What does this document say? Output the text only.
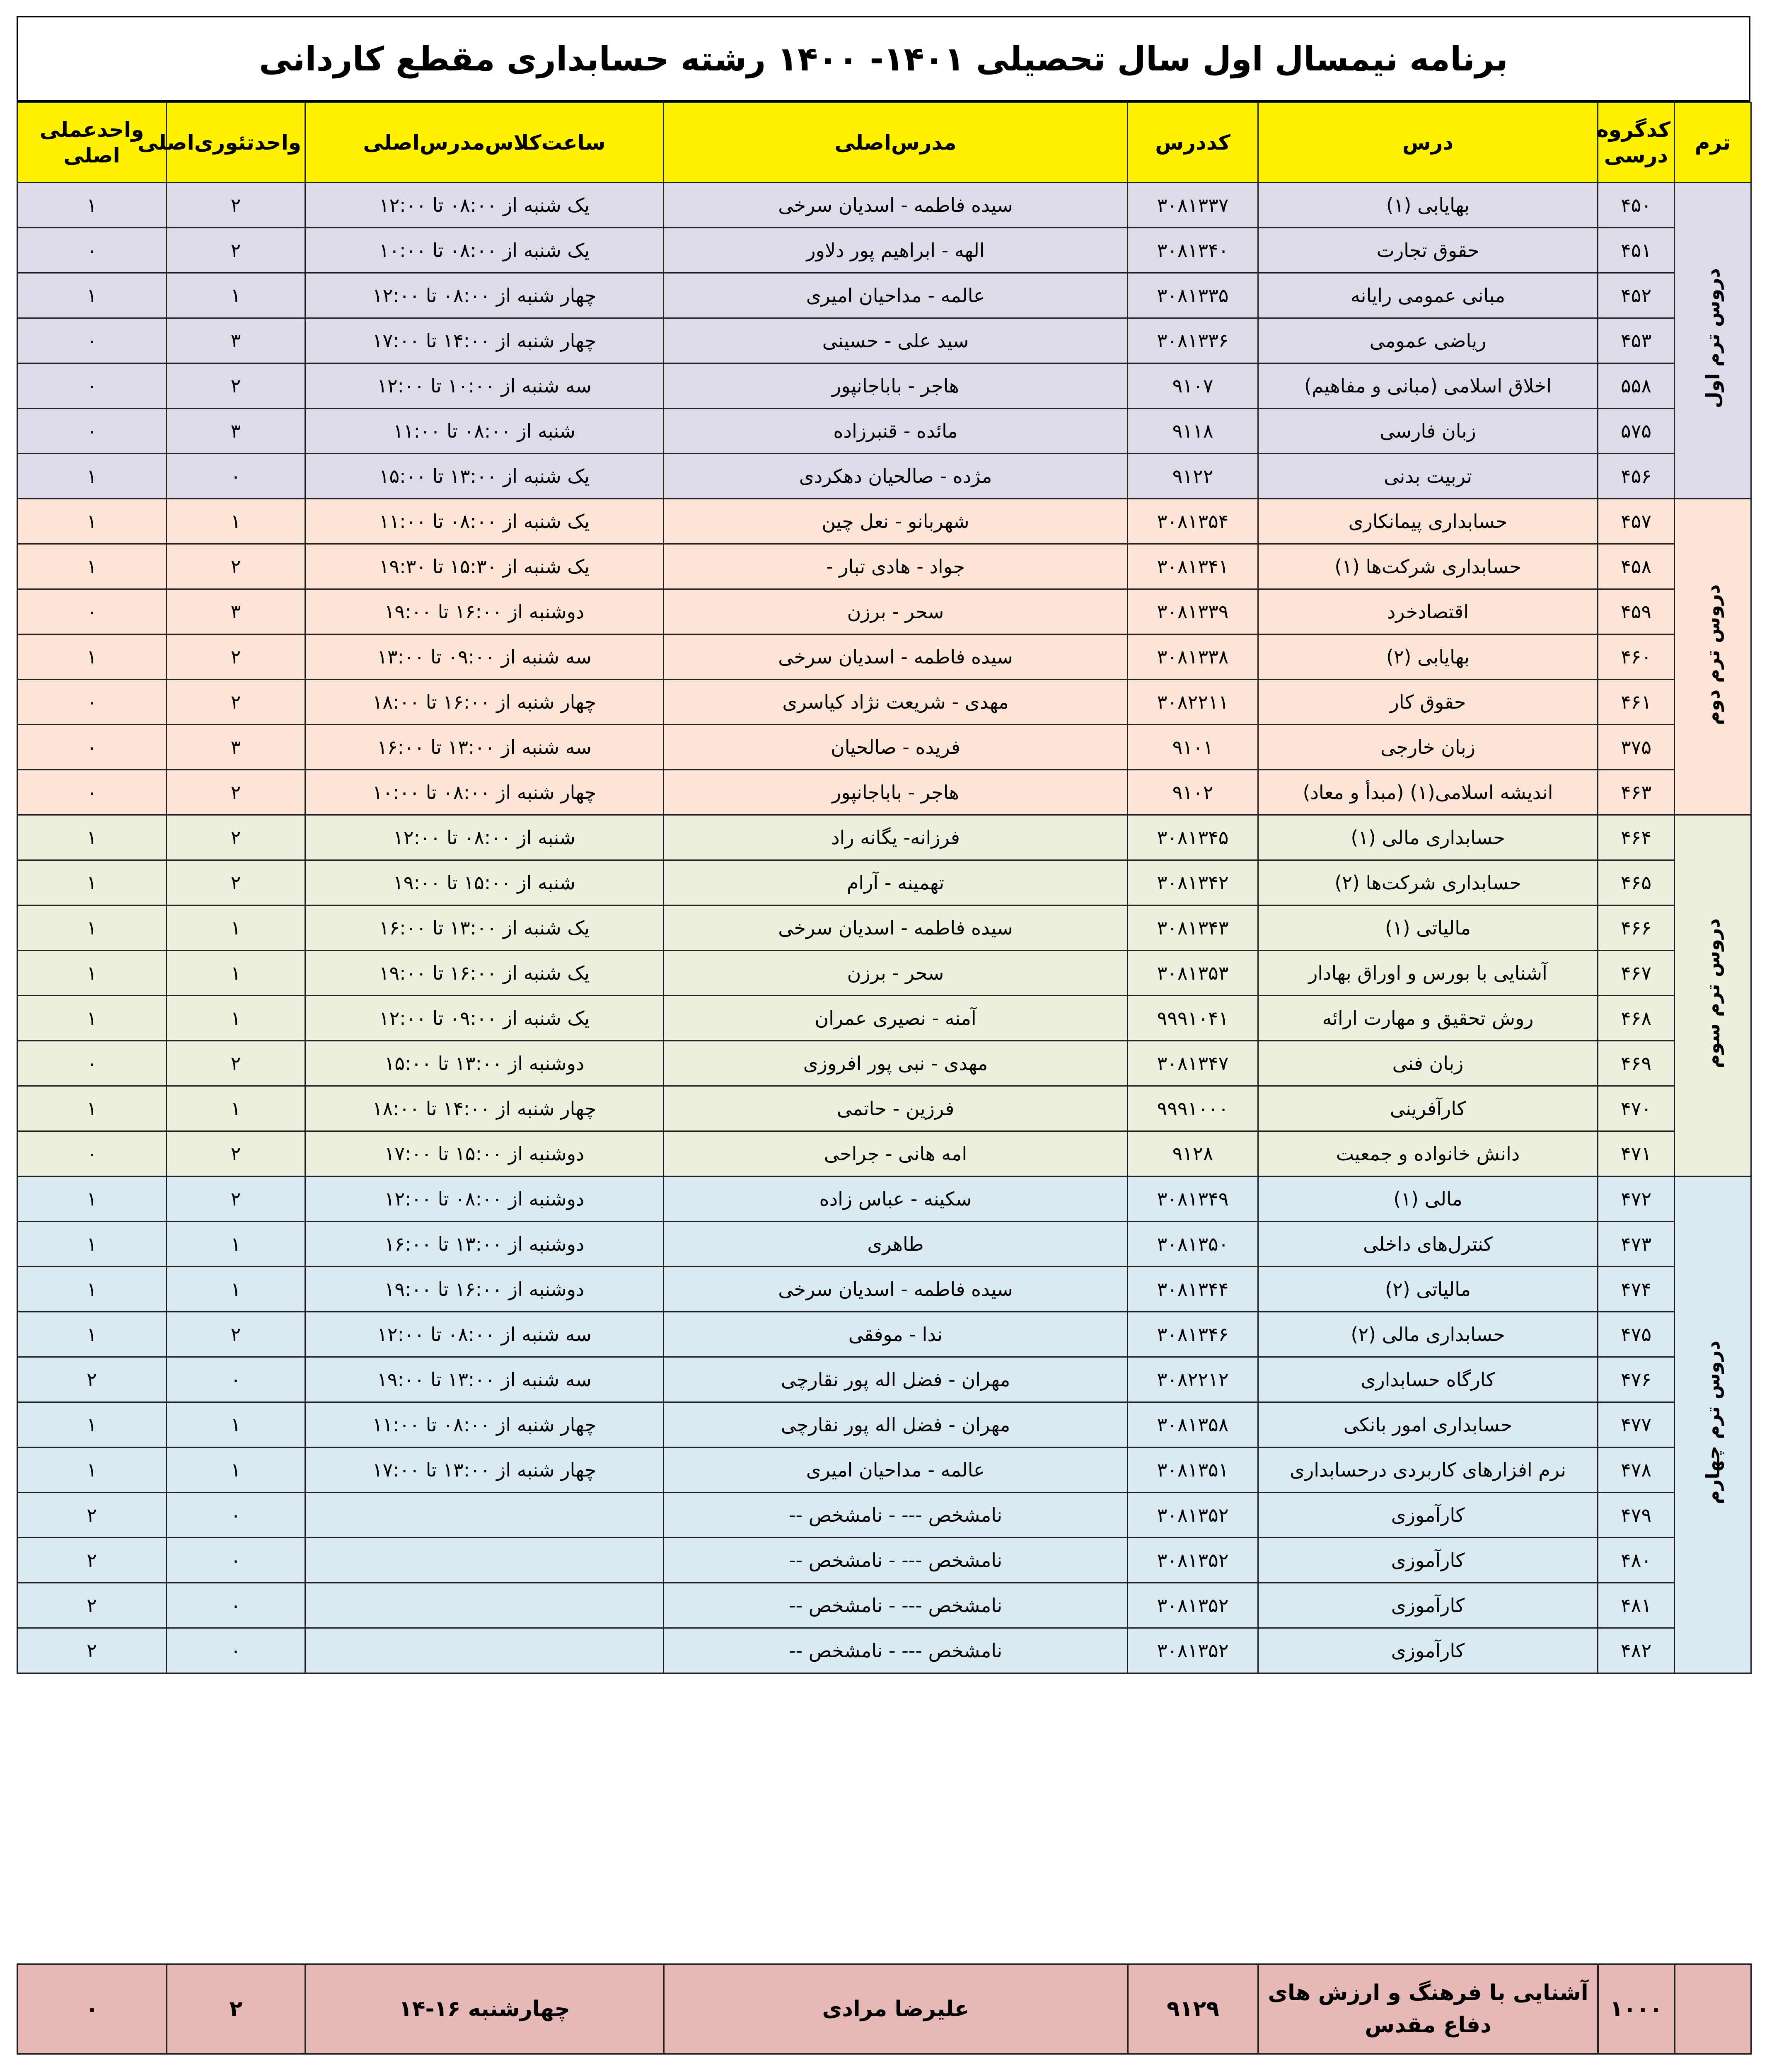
برنامه نیمسال اول سال تحصیلی ۱۴۰۱- ۱۴۰۰ رشته حسابداری مقطع کاردانی
ترم	کدگروه درسی	درس	کددرس	مدرس‌اصلی	ساعت‌کلاس‌مدرس‌اصلی	واحدتئوری‌اصلی	واحدعملی اصلی
دروس ترم اول	۴۵۰	بهایابی (۱)	۳۰۸۱۳۳۷	سیده فاطمه - اسدیان سرخی	یک شنبه از ۰۸:۰۰ تا ۱۲:۰۰	۲	۱
	۴۵۱	حقوق تجارت	۳۰۸۱۳۴۰	الهه - ابراهیم پور دلاور	یک شنبه از ۰۸:۰۰ تا ۱۰:۰۰	۲	۰
	۴۵۲	مبانی عمومی رایانه	۳۰۸۱۳۳۵	عالمه - مداحیان امیری	چهار شنبه از ۰۸:۰۰ تا ۱۲:۰۰	۱	۱
	۴۵۳	ریاضی عمومی	۳۰۸۱۳۳۶	سید علی - حسینی	چهار شنبه از ۱۴:۰۰ تا ۱۷:۰۰	۳	۰
	۵۵۸	اخلاق اسلامی (مبانی و مفاهیم)	۹۱۰۷	هاجر - باباجانپور	سه شنبه از ۱۰:۰۰ تا ۱۲:۰۰	۲	۰
	۵۷۵	زبان فارسی	۹۱۱۸	مائده - قنبرزاده	شنبه از ۰۸:۰۰ تا ۱۱:۰۰	۳	۰
	۴۵۶	تربیت بدنی	۹۱۲۲	مژده - صالحیان دهکردی	یک شنبه از ۱۳:۰۰ تا ۱۵:۰۰	۰	۱
دروس ترم دوم	۴۵۷	حسابداری پیمانکاری	۳۰۸۱۳۵۴	شهربانو - نعل چین	یک شنبه از ۰۸:۰۰ تا ۱۱:۰۰	۱	۱
	۴۵۸	حسابداری شرکت‌ها (۱)	۳۰۸۱۳۴۱	جواد - هادی تبار -	یک شنبه از ۱۵:۳۰ تا ۱۹:۳۰	۲	۱
	۴۵۹	اقتصادخرد	۳۰۸۱۳۳۹	سحر - برزن	دوشنبه از ۱۶:۰۰ تا ۱۹:۰۰	۳	۰
	۴۶۰	بهایابی (۲)	۳۰۸۱۳۳۸	سیده فاطمه - اسدیان سرخی	سه شنبه از ۰۹:۰۰ تا ۱۳:۰۰	۲	۱
	۴۶۱	حقوق کار	۳۰۸۲۲۱۱	مهدی - شریعت نژاد کیاسری	چهار شنبه از ۱۶:۰۰ تا ۱۸:۰۰	۲	۰
	۳۷۵	زبان خارجی	۹۱۰۱	فریده - صالحیان	سه شنبه از ۱۳:۰۰ تا ۱۶:۰۰	۳	۰
	۴۶۳	اندیشه اسلامی(۱) (مبدأ و معاد)	۹۱۰۲	هاجر - باباجانپور	چهار شنبه از ۰۸:۰۰ تا ۱۰:۰۰	۲	۰
دروس ترم سوم	۴۶۴	حسابداری مالی (۱)	۳۰۸۱۳۴۵	فرزانه- یگانه راد	شنبه از ۰۸:۰۰ تا ۱۲:۰۰	۲	۱
	۴۶۵	حسابداری شرکت‌ها (۲)	۳۰۸۱۳۴۲	تهمینه - آرام	شنبه از ۱۵:۰۰ تا ۱۹:۰۰	۲	۱
	۴۶۶	مالیاتی (۱)	۳۰۸۱۳۴۳	سیده فاطمه - اسدیان سرخی	یک شنبه از ۱۳:۰۰ تا ۱۶:۰۰	۱	۱
	۴۶۷	آشنایی با بورس و اوراق بهادار	۳۰۸۱۳۵۳	سحر - برزن	یک شنبه از ۱۶:۰۰ تا ۱۹:۰۰	۱	۱
	۴۶۸	روش تحقیق و مهارت ارائه	۹۹۹۱۰۴۱	آمنه - نصیری عمران	یک شنبه از ۰۹:۰۰ تا ۱۲:۰۰	۱	۱
	۴۶۹	زبان فنی	۳۰۸۱۳۴۷	مهدی - نبی پور افروزی	دوشنبه از ۱۳:۰۰ تا ۱۵:۰۰	۲	۰
	۴۷۰	کارآفرینی	۹۹۹۱۰۰۰	فرزین - حاتمی	چهار شنبه از ۱۴:۰۰ تا ۱۸:۰۰	۱	۱
	۴۷۱	دانش خانواده و جمعیت	۹۱۲۸	امه هانی - جراحی	دوشنبه از ۱۵:۰۰ تا ۱۷:۰۰	۲	۰
دروس ترم چهارم	۴۷۲	مالی (۱)	۳۰۸۱۳۴۹	سکینه - عباس زاده	دوشنبه از ۰۸:۰۰ تا ۱۲:۰۰	۲	۱
	۴۷۳	کنترل‌های داخلی	۳۰۸۱۳۵۰	طاهری	دوشنبه از ۱۳:۰۰ تا ۱۶:۰۰	۱	۱
	۴۷۴	مالیاتی (۲)	۳۰۸۱۳۴۴	سیده فاطمه - اسدیان سرخی	دوشنبه از ۱۶:۰۰ تا ۱۹:۰۰	۱	۱
	۴۷۵	حسابداری مالی (۲)	۳۰۸۱۳۴۶	ندا - موفقی	سه شنبه از ۰۸:۰۰ تا ۱۲:۰۰	۲	۱
	۴۷۶	کارگاه حسابداری	۳۰۸۲۲۱۲	مهران - فضل اله پور نقارچی	سه شنبه از ۱۳:۰۰ تا ۱۹:۰۰	۰	۲
	۴۷۷	حسابداری امور بانکی	۳۰۸۱۳۵۸	مهران - فضل اله پور نقارچی	چهار شنبه از ۰۸:۰۰ تا ۱۱:۰۰	۱	۱
	۴۷۸	نرم افزارهای کاربردی درحسابداری	۳۰۸۱۳۵۱	عالمه - مداحیان امیری	چهار شنبه از ۱۳:۰۰ تا ۱۷:۰۰	۱	۱
	۴۷۹	کارآموزی	۳۰۸۱۳۵۲	نامشخص --- - نامشخص --		۰	۲
	۴۸۰	کارآموزی	۳۰۸۱۳۵۲	نامشخص --- - نامشخص --		۰	۲
	۴۸۱	کارآموزی	۳۰۸۱۳۵۲	نامشخص --- - نامشخص --		۰	۲
	۴۸۲	کارآموزی	۳۰۸۱۳۵۲	نامشخص --- - نامشخص --		۰	۲
	۱۰۰۰	آشنایی با فرهنگ و ارزش های دفاع مقدس	۹۱۲۹	علیرضا مرادی	چهارشنبه ۱۶-۱۴	۲	۰
